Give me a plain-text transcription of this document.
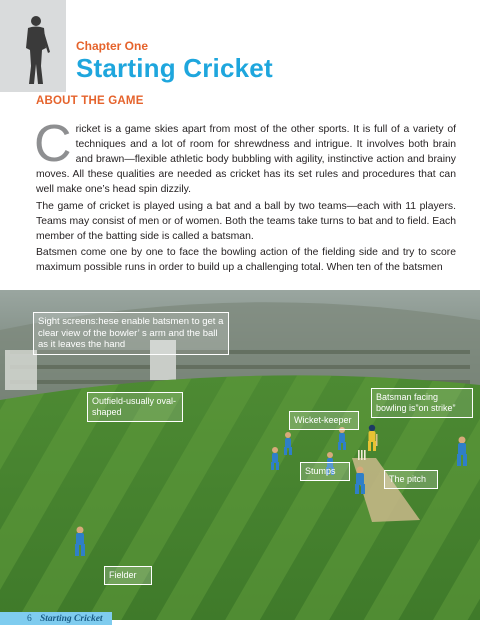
Chapter One
Starting Cricket
ABOUT THE GAME

Cricket is a game skies apart from most of the other sports. It is full of a variety of techniques and a lot of room for shrewdness and intrigue. It involves both brain and brawn—flexible athletic body bubbling with agility, instinctive action and brainy moves. All these qualities are needed as cricket has its set rules and procedures that can well make one’s head spin dizzily.

The game of cricket is played using a bat and a ball by two teams—each with 11 players. Teams may consist of men or of women. Both the teams take turns to bat and to field. Each member of the batting side is called a batsman.

Batsmen come one by one to face the bowling action of the fielding side and try to score maximum possible runs in order to build up a challenging total. When ten of the batsmen

Sight screens:hese enable batsmen to get a clear view of the bowler’ s arm and the ball as it leaves the hand
Outfield-usually oval- shaped
Batsman facing bowling is”on strike”
Wicket-keeper
Stumps
The pitch
Fielder
6 Starting Cricket
